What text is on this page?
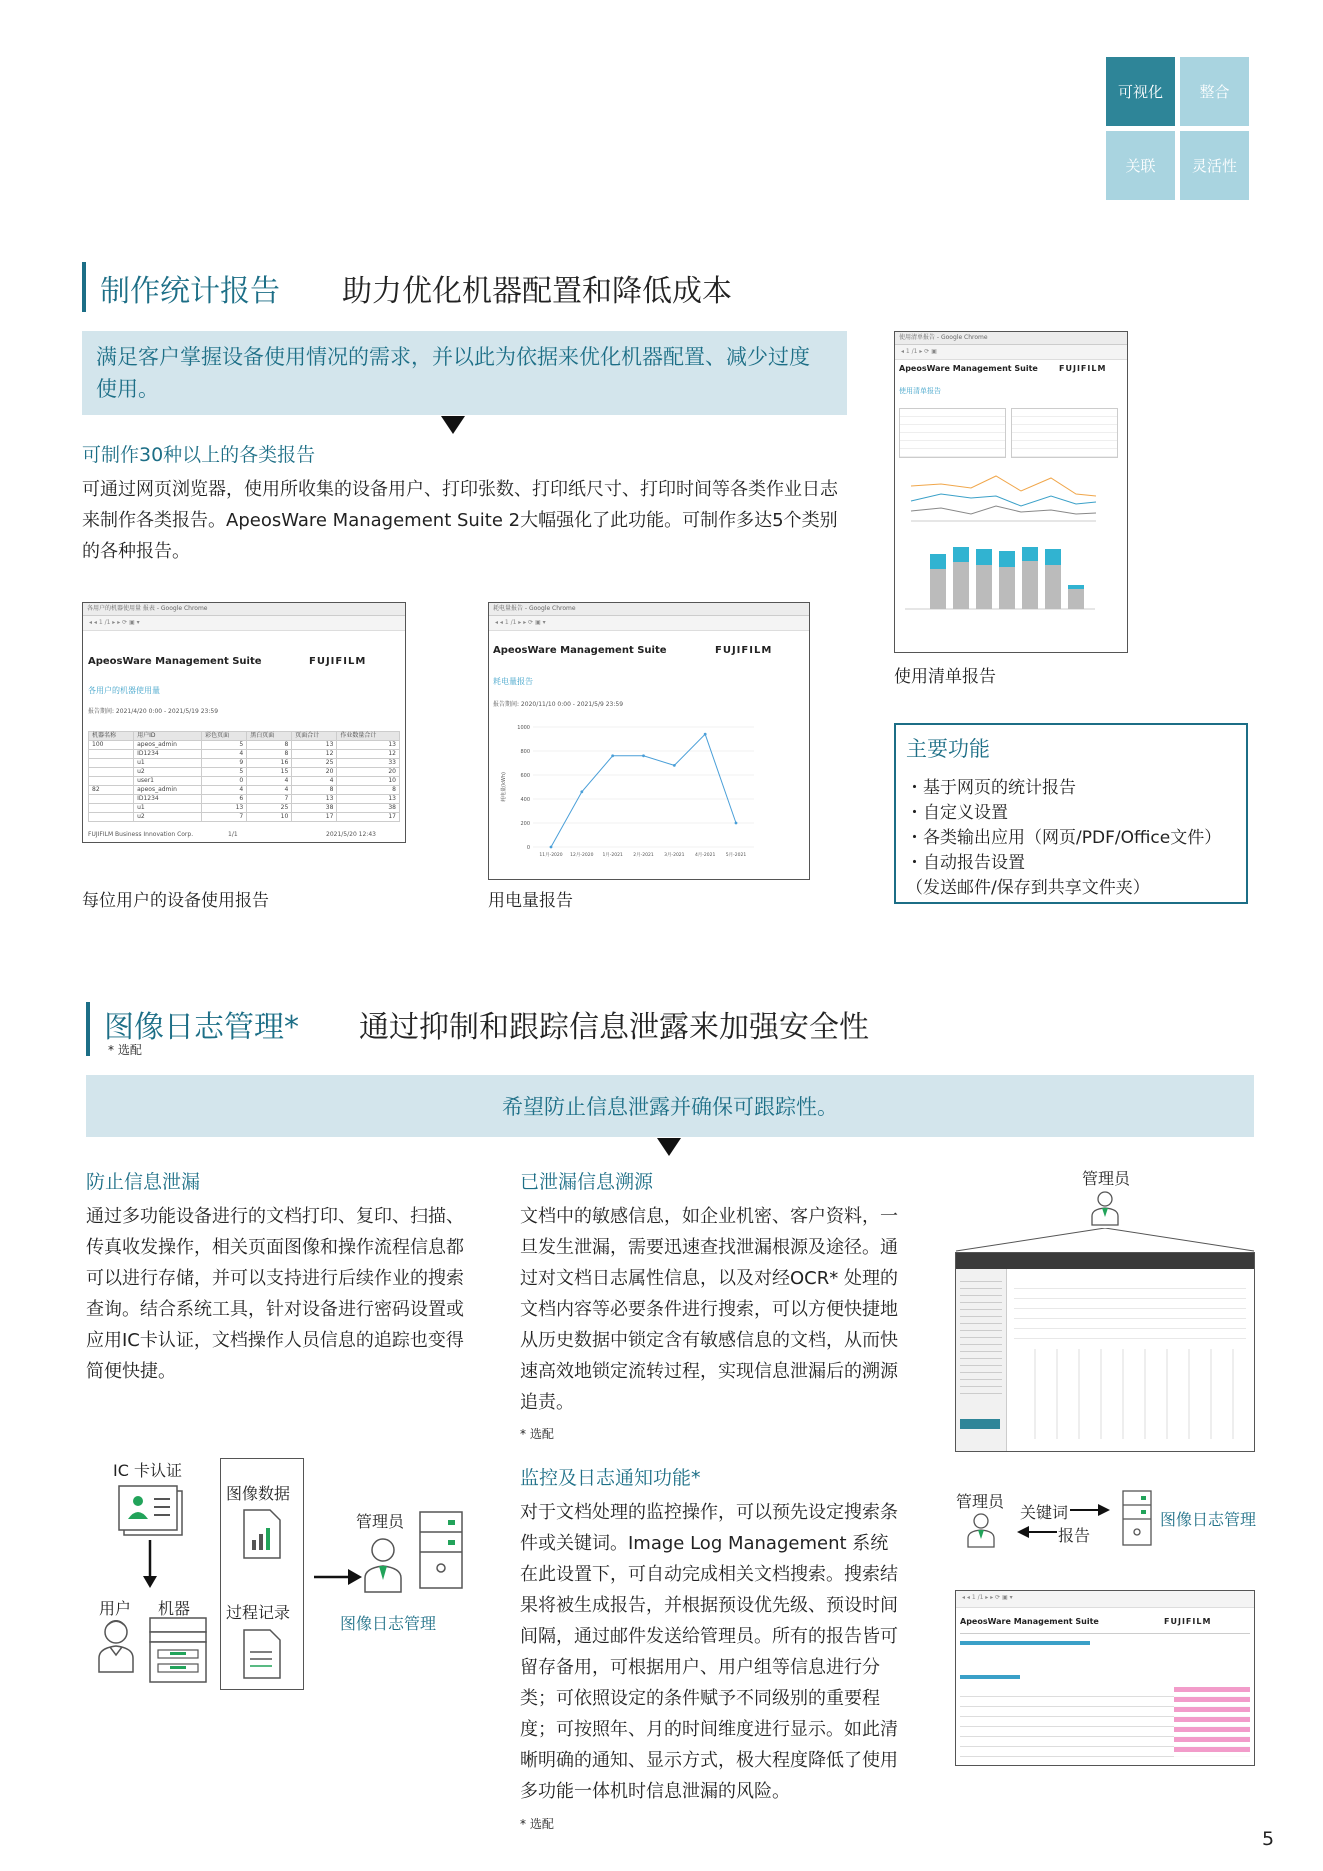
可视化	整合
关联	灵活性
制作统计报告 助力优化机器配置和降低成本
满足客户掌握设备使用情况的需求，并以此为依据来优化机器配置、减少过度使用。
可制作30种以上的各类报告
可通过网页浏览器，使用所收集的设备用户、打印张数、打印纸尺寸、打印时间等各类作业日志来制作各类报告。ApeosWare Management Suite 2大幅强化了此功能。可制作多达5个类别的各种报告。
各用户的机器使用量 报表 - Google Chrome
◂ ◂ 1 /1 ▸ ▸ ⟳ ▣ ▾
ApeosWare Management Suite	FUJIFILM
各用户的机器使用量
报告期间: 2021/4/20 0:00 - 2021/5/19 23:59
机器名称	用户ID	彩色页面	黑白页面	页面合计	作业数量合计
100	apeos_admin	5	8	13	13
	ID1234	4	8	12	12
	u1	9	16	25	33
	u2	5	15	20	20
	user1	0	4	4	10
82	apeos_admin	4	4	8	8
	ID1234	6	7	13	13
	u1	13	25	38	38
	u2	7	10	17	17
FUJIFILM Business Innovation Corp.	1/1	2021/5/20 12:43
每位用户的设备使用报告
耗电量报告 - Google Chrome
◂ ◂ 1 /1 ▸ ▸ ⟳ ▣ ▾
ApeosWare Management Suite	FUJIFILM
耗电量报告
报告期间: 2020/11/10 0:00 - 2021/5/9 23:59
0
200
400
600
800
1000
耗电量(kWh)
11月-2020 12月-2020 1月-2021 2月-2021 3月-2021 4月-2021 5月-2021
用电量报告
使用清单报告 - Google Chrome
◂ 1 /1 ▸ ⟳ ▣
ApeosWare Management Suite	FUJIFILM
使用清单报告
使用清单报告
主要功能
・基于网页的统计报告
・自定义设置
・各类输出应用（网页/PDF/Office文件）
・自动报告设置
（发送邮件/保存到共享文件夹）
图像日志管理*
* 选配
通过抑制和跟踪信息泄露来加强安全性
希望防止信息泄露并确保可跟踪性。
防止信息泄漏
通过多功能设备进行的文档打印、复印、扫描、传真收发操作，相关页面图像和操作流程信息都可以进行存储，并可以支持进行后续作业的搜索查询。结合系统工具，针对设备进行密码设置或应用IC卡认证，文档操作人员信息的追踪也变得简便快捷。
IC 卡认证
用户 机器
图像数据
过程记录
管理员
图像日志管理
已泄漏信息溯源
文档中的敏感信息，如企业机密、客户资料，一旦发生泄漏，需要迅速查找泄漏根源及途径。通过对文档日志属性信息，以及对经OCR* 处理的文档内容等必要条件进行搜索，可以方便快捷地从历史数据中锁定含有敏感信息的文档，从而快速高效地锁定流转过程，实现信息泄漏后的溯源追责。
* 选配
监控及日志通知功能*
对于文档处理的监控操作，可以预先设定搜索条件或关键词。Image Log Management 系统在此设置下，可自动完成相关文档搜索。搜索结果将被生成报告，并根据预设优先级、预设时间间隔，通过邮件发送给管理员。所有的报告皆可留存备用，可根据用户、用户组等信息进行分类；可依照设定的条件赋予不同级别的重要程度；可按照年、月的时间维度进行显示。如此清晰明确的通知、显示方式，极大程度降低了使用多功能一体机时信息泄漏的风险。
* 选配
管理员
管理员
关键词
报告
图像日志管理
◂ ◂ 1 /1 ▸ ▸ ⟳ ▣ ▾
ApeosWare Management Suite	FUJIFILM
5
